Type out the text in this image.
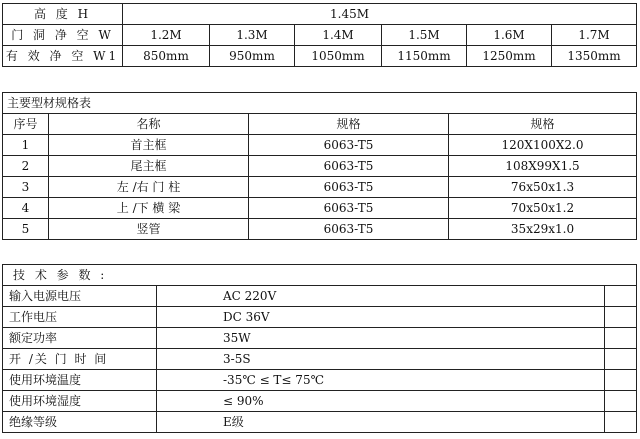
高 度 H	1.45M					
门 洞 净 空 W	1.2M	1.3M	1.4M	1.5M	1.6M	1.7M
有 效 净 空 W1	850mm	950mm	1050mm	1150mm	1250mm	1350mm
主要型材规格表			
序号	名称	规格	规格
1	首主框	6063-T5	120X100X2.0
2	尾主框	6063-T5	108X99X1.5
3	左 /右 门 柱	6063-T5	76x50x1.3
4	上 /下 横 梁	6063-T5	70x50x1.2
5	竖管	6063-T5	35x29x1.0
技 术 参 数 :		
输入电源电压	AC 220V	
工作电压	DC 36V	
额定功率	35W	
开 /关 门 时 间	3-5S	
使用环境温度	-35℃ ≤ T≤ 75℃	
使用环境湿度	≤ 90%	
绝缘等级	E级	
